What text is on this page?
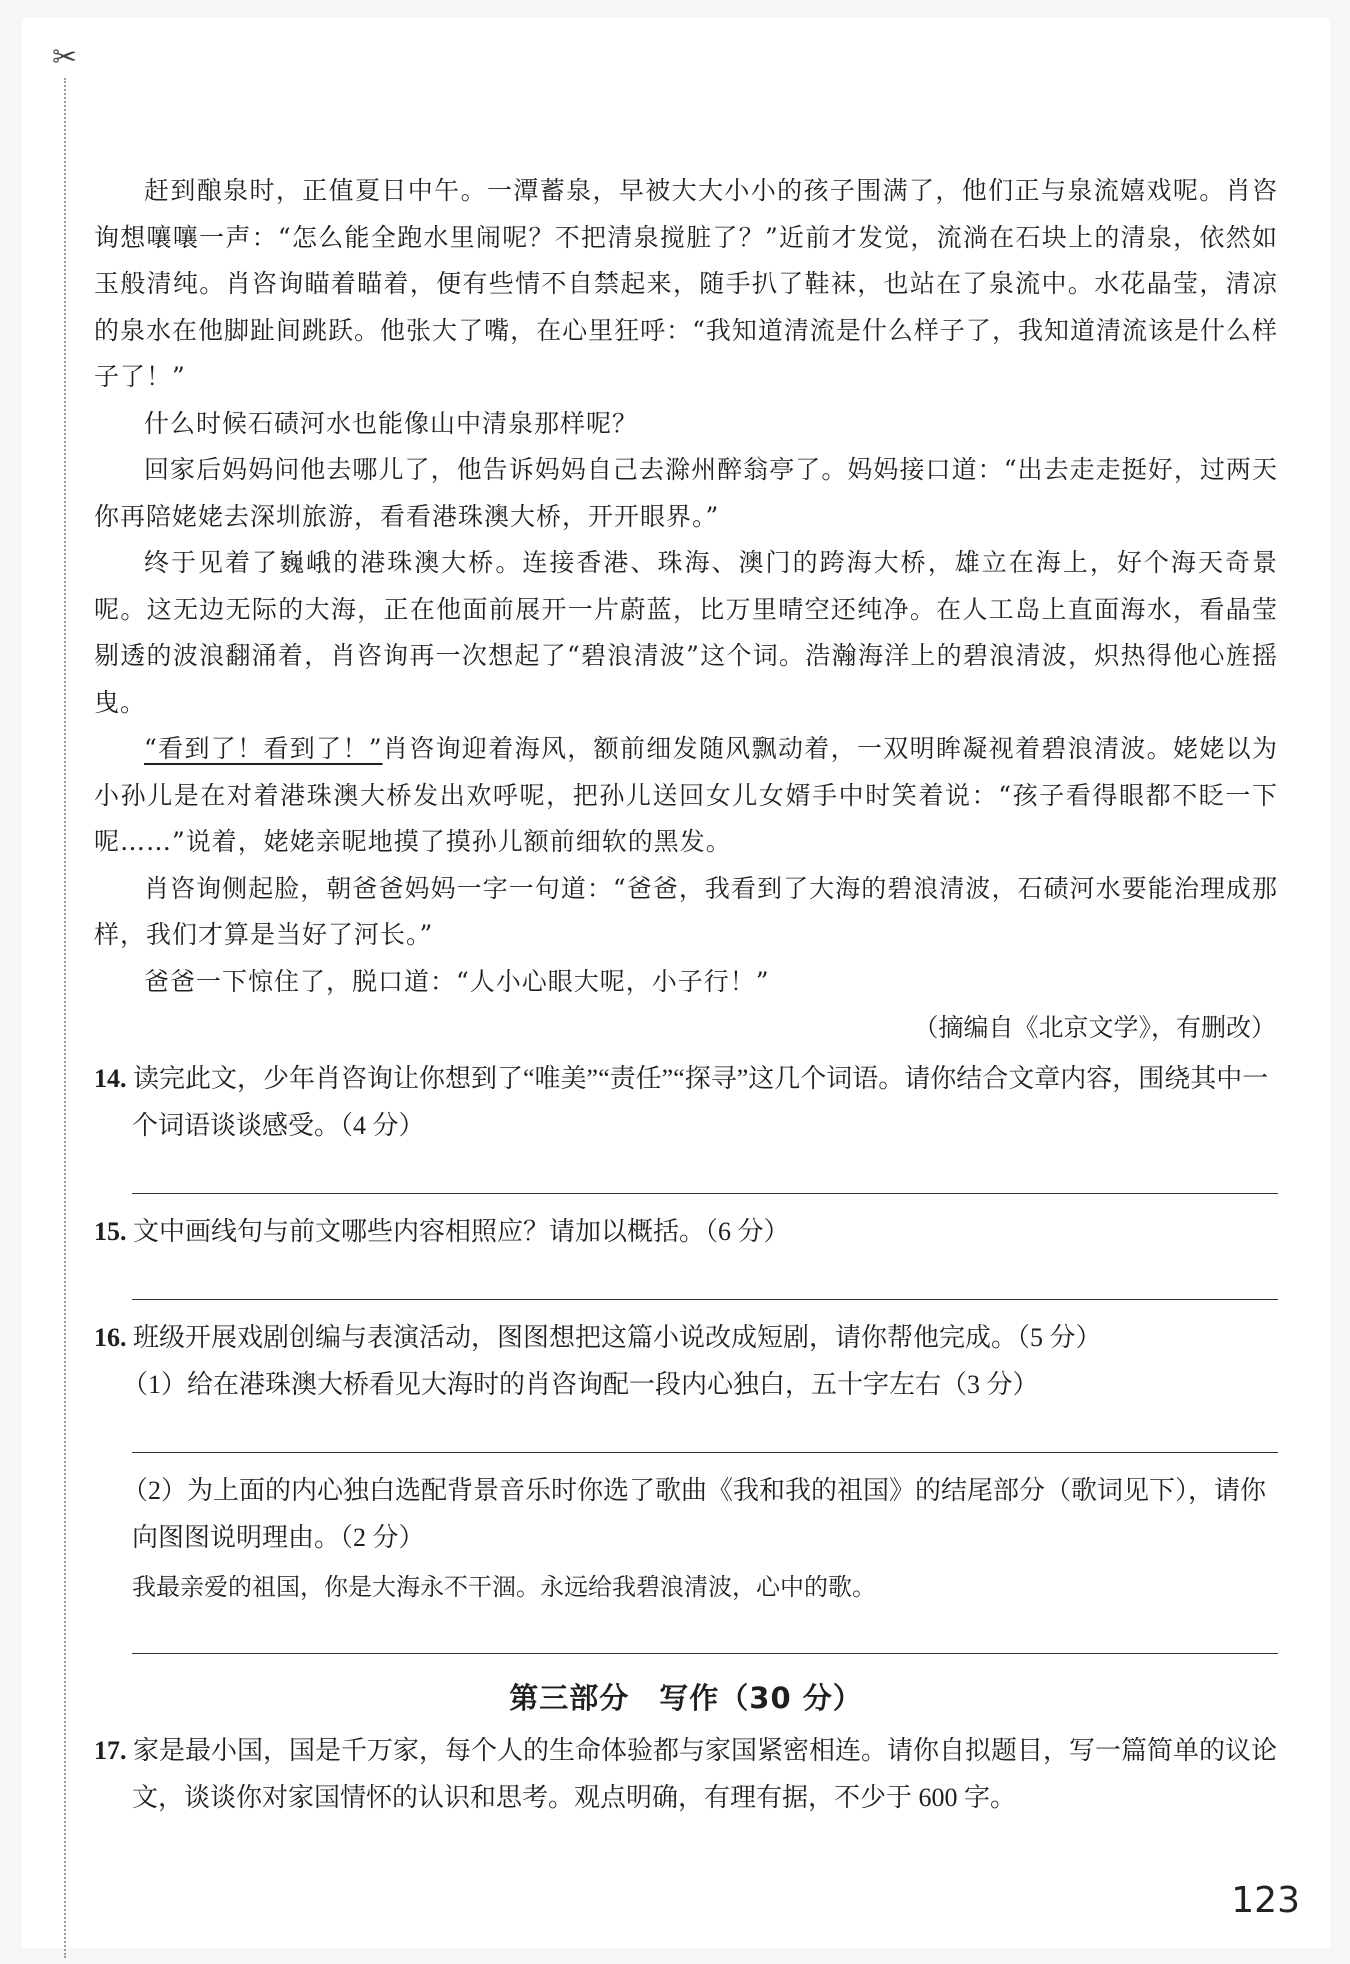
✂

赶到酿泉时，正值夏日中午。一潭蓄泉，早被大大小小的孩子围满了，他们正与泉流嬉戏呢。肖咨询想嚷嚷一声：“怎么能全跑水里闹呢？不把清泉搅脏了？”近前才发觉，流淌在石块上的清泉，依然如玉般清纯。肖咨询瞄着瞄着，便有些情不自禁起来，随手扒了鞋袜，也站在了泉流中。水花晶莹，清凉的泉水在他脚趾间跳跃。他张大了嘴，在心里狂呼：“我知道清流是什么样子了，我知道清流该是什么样子了！”

什么时候石碛河水也能像山中清泉那样呢？

回家后妈妈问他去哪儿了，他告诉妈妈自己去滁州醉翁亭了。妈妈接口道：“出去走走挺好，过两天你再陪姥姥去深圳旅游，看看港珠澳大桥，开开眼界。”

终于见着了巍峨的港珠澳大桥。连接香港、珠海、澳门的跨海大桥，雄立在海上，好个海天奇景呢。这无边无际的大海，正在他面前展开一片蔚蓝，比万里晴空还纯净。在人工岛上直面海水，看晶莹剔透的波浪翻涌着，肖咨询再一次想起了“碧浪清波”这个词。浩瀚海洋上的碧浪清波，炽热得他心旌摇曳。

“看到了！看到了！”肖咨询迎着海风，额前细发随风飘动着，一双明眸凝视着碧浪清波。姥姥以为小孙儿是在对着港珠澳大桥发出欢呼呢，把孙儿送回女儿女婿手中时笑着说：“孩子看得眼都不眨一下呢……”说着，姥姥亲昵地摸了摸孙儿额前细软的黑发。

肖咨询侧起脸，朝爸爸妈妈一字一句道：“爸爸，我看到了大海的碧浪清波，石碛河水要能治理成那样，我们才算是当好了河长。”

爸爸一下惊住了，脱口道：“人小心眼大呢，小子行！”

（摘编自《北京文学》，有删改）

14. 读完此文，少年肖咨询让你想到了“唯美”“责任”“探寻”这几个词语。请你结合文章内容，围绕其中一个词语谈谈感受。（4 分）

15. 文中画线句与前文哪些内容相照应？请加以概括。（6 分）

16. 班级开展戏剧创编与表演活动，图图想把这篇小说改成短剧，请你帮他完成。（5 分）

（1）给在港珠澳大桥看见大海时的肖咨询配一段内心独白，五十字左右（3 分）

（2）为上面的内心独白选配背景音乐时你选了歌曲《我和我的祖国》的结尾部分（歌词见下），请你向图图说明理由。（2 分）

我最亲爱的祖国，你是大海永不干涸。永远给我碧浪清波，心中的歌。

第三部分　写作（30 分）

17. 家是最小国，国是千万家，每个人的生命体验都与家国紧密相连。请你自拟题目，写一篇简单的议论文，谈谈你对家国情怀的认识和思考。观点明确，有理有据，不少于 600 字。

123
